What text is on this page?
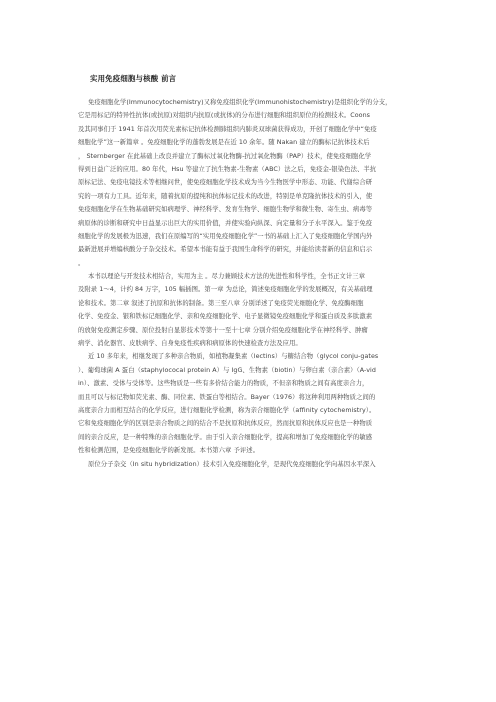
实用免疫细胞与核酸 前言
免疫细胞化学(Immunocytochemistry)又称免疫组织化学(Immunohistochemistry)是组织化学的分支，
它是用标记的特异性抗体(或抗原)对组织内抗原(或抗体)的分布进行细胞和组织原位的检测技术。Coons
及其同事们于 1941 年首次用荧光素标记抗体检测肺组织内肺炎双球菌获得成功，开创了细胞化学中“免疫
细胞化学”这一新篇章 。免疫细胞化学的蓬勃发展是在近 10 余年。随 Nakan 建立的酶标记抗体技术后
， Sternberger 在此基础上改良并建立了酶标过氧化物酶-抗过氧化物酶（PAP）技术，使免疫细胞化学
得到日益广泛的应用。80 年代，Hsu 等建立了抗生物素-生物素（ABC）法之后，免疫金-银染色法、半抗
原标记法、免疫电镜技术等相继问世，使免疫细胞化学技术成为当今生物医学中形态、功能、代谢综合研
究的一项有力工具。近年来，随着抗原的提纯和抗体标记技术的改进，特别是单克隆抗体技术的引入，使
免疫细胞化学在生物基础研究如病理学、神经科学、发育生物学、细胞生物学和微生物、寄生虫、病毒等
病原体的诊断和研究中日益显示出巨大的实用价值，并使实验向纵深、向定量和分子水平深入。鉴于免疫
细胞化学的发展极为迅速，我们在原编写的“实用免疫细胞化学”一书的基础上汇入了免疫细胞化学国内外
最新进展并增编核酸分子杂交技术。希望本书能有益于我国生命科学的研究，并能给读者新的信息和启示
。
本书以理论与开发技术相结合，实用为主 。尽力兼顾技术方法的先进性和科学性，全书正文计三章
及附录 1～4，计约 84 万字，105 幅插图。第一章 为总论，简述免疫细胞化学的发展概况，有关基础理
论和技术。第二章 叙述了抗原和抗体的制备。第三至八章 分别详述了免疫荧光细胞化学、免疫酶细胞
化学、免疫金、银和铁标记细胞化学、亲和免疫细胞化学、电子显微镜免疫细胞化学和蛋白质及多肽激素
的放射免疫测定步骤、原位投射自显影技术等第十一至十七章 分别介绍免疫细胞化学在神经科学、肿瘤
病学、消化器官、皮肤病学、自身免疫性疾病和病原体的快速检查方法及应用。
近 10 多年来，相继发现了多种亲合物质，如植物凝集素（lectins）与糖结合物（glycol conju-gates
）、葡萄球菌 A 蛋白（staphylococal protein A）与 IgG、生物素（biotin）与卵白素（亲合素）（A-vid
in）、激素、受体与受体等。这些物质是一些有多价结合能力的物质，不但亲和物质之间有高度亲合力，
而且可以与标记物如荧光素、酶、同位素、铁蛋白等相结合。Bayer（1976）将这种利用两种物质之间的
高度亲合力而相互结合的化学反应，进行细胞化学检测，称为亲合细胞化学（affinity cytochemistry）。
它和免疫细胞化学的区别是亲合物质之间的结合不是抗原和抗体反应，然而抗原和抗体反应也是一种物质
间的亲合反应，是一种特殊的亲合细胞化学。由于引入亲合细胞化学，提高和增加了免疫细胞化学的敏感
性和检测范围，是免疫细胞化学的新发展。本书第六章 予评述。
原位分子杂交（In situ hybridization）技术引入免疫细胞化学，是现代免疫细胞化学向基因水平深入
